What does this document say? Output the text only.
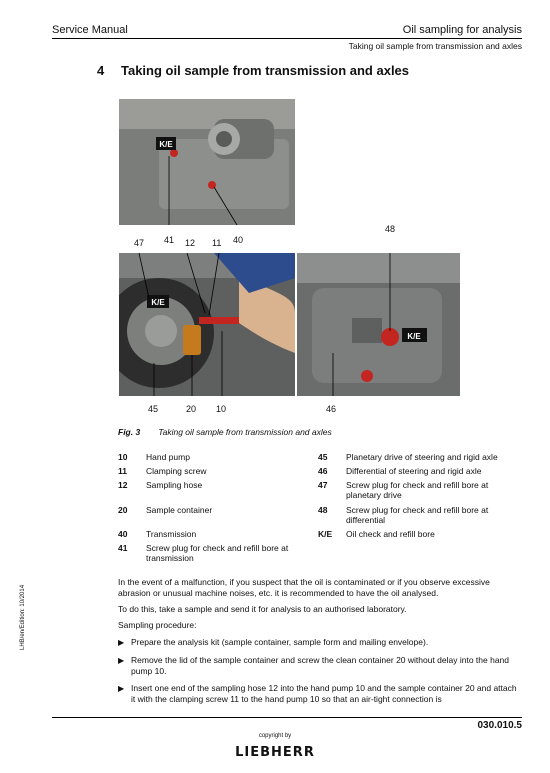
Service Manual	Oil sampling for analysis
Taking oil sample from transmission and axles
4 Taking oil sample from transmission and axles
K/E
41	40
47	12 11
K/E
45	20 10
48
K/E
46
Fig. 3 Taking oil sample from transmission and axles
10 Hand pump
11 Clamping screw
12 Sampling hose
20 Sample container
40 Transmission
41 Screw plug for check and refill bore at transmission
45 Planetary drive of steering and rigid axle
46 Differential of steering and rigid axle
47 Screw plug for check and refill bore at planetary drive
48 Screw plug for check and refill bore at differential
K/E Oil check and refill bore
In the event of a malfunction, if you suspect that the oil is contaminated or if you observe excessive abrasion or unusual machine noises, etc. it is recommended to have the oil analysed.
To do this, take a sample and send it for analysis to an authorised laboratory.
Sampling procedure:
▶ Prepare the analysis kit (sample container, sample form and mailing envelope).
▶ Remove the lid of the sample container and screw the clean container 20 without delay into the hand pump 10.
▶ Insert one end of the sampling hose 12 into the hand pump 10 and the sample container 20 and attach it with the clamping screw 11 to the hand pump 10 so that an air-tight connection is
LHB/en/Edition: 10/2014
030.010.5
copyright by
LIEBHERR
